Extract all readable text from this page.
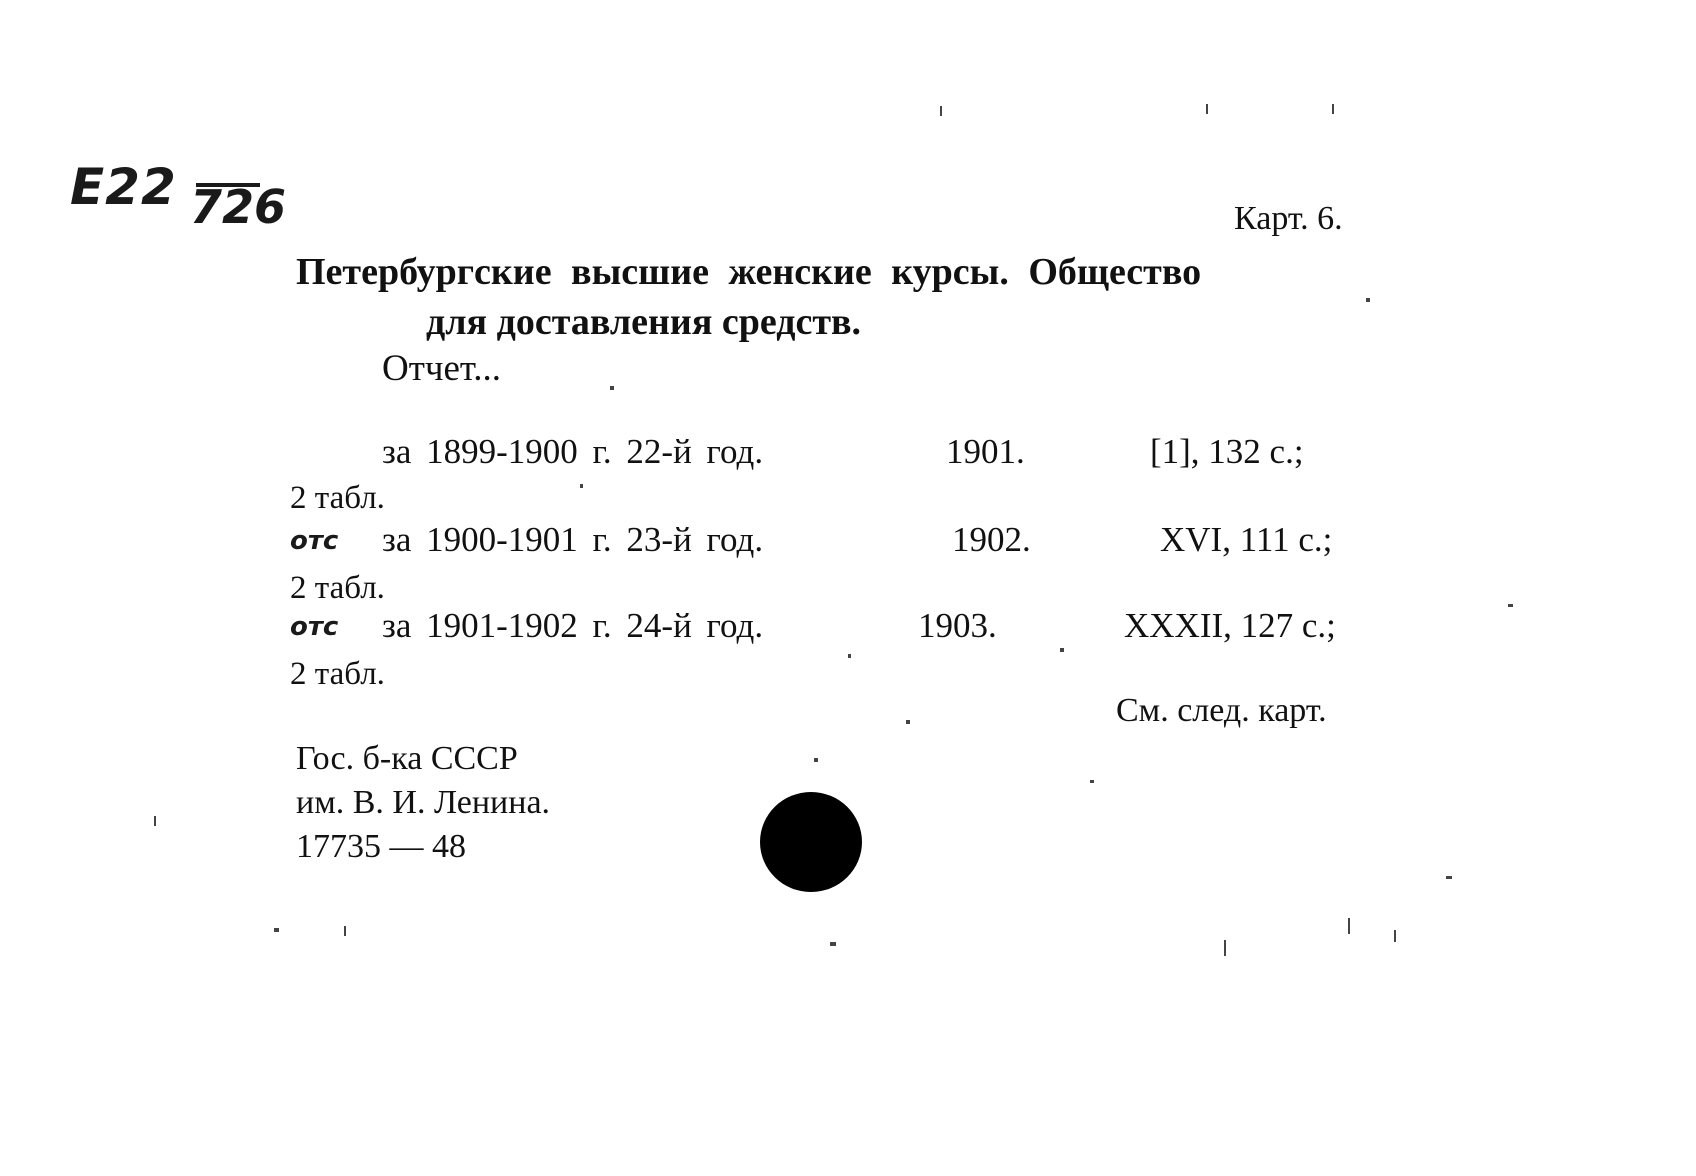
E22 726	Карт. 6.
Петербургские высшие женские курсы. Общество
для доставления средств.
Отчет...
за 1899-1900 г. 22-й год.	1901.	[1], 132 с.;
2 табл.
отс за 1900-1901 г. 23-й год.	1902.	XVI, 111 с.;
2 табл.
отс за 1901-1902 г. 24-й год.	1903.	XXXII, 127 с.;
2 табл.
См. след. карт.
Гос. б-ка СССР
им. В. И. Ленина.
17735 — 48
